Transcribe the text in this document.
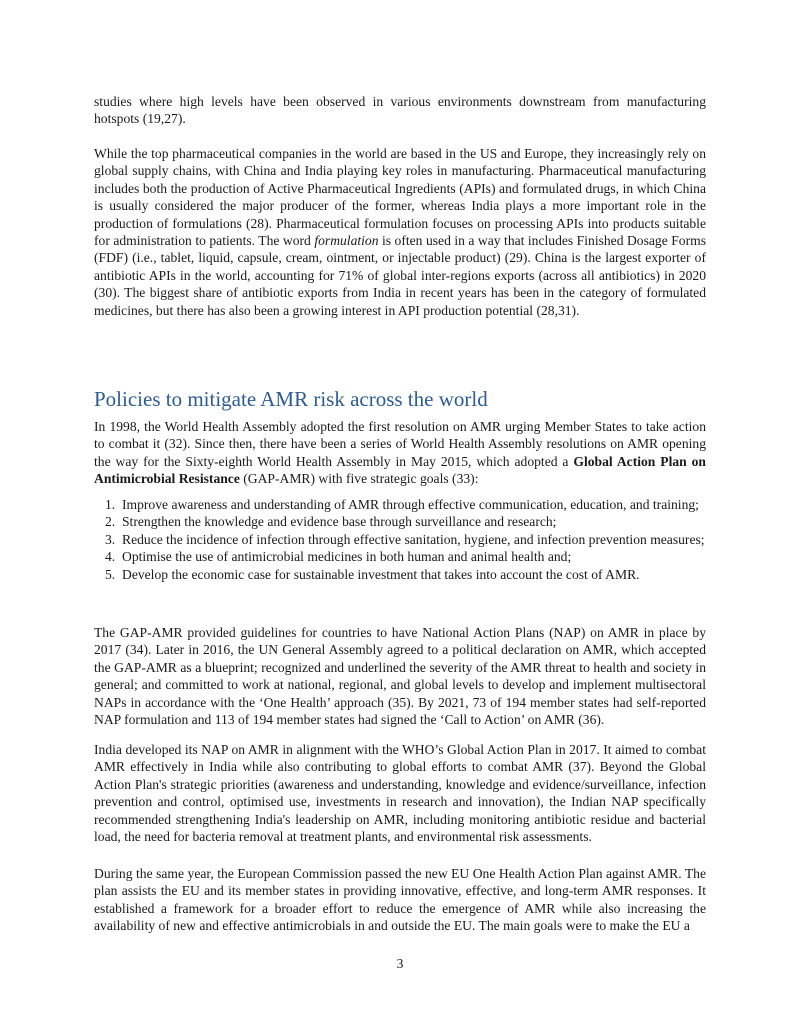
studies where high levels have been observed in various environments downstream from manufacturing hotspots (19,27).

While the top pharmaceutical companies in the world are based in the US and Europe, they increasingly rely on global supply chains, with China and India playing key roles in manufacturing. Pharmaceutical manufacturing includes both the production of Active Pharmaceutical Ingredients (APIs) and formulated drugs, in which China is usually considered the major producer of the former, whereas India plays a more important role in the production of formulations (28). Pharmaceutical formulation focuses on processing APIs into products suitable for administration to patients. The word formulation is often used in a way that includes Finished Dosage Forms (FDF) (i.e., tablet, liquid, capsule, cream, ointment, or injectable product) (29). China is the largest exporter of antibiotic APIs in the world, accounting for 71% of global inter-regions exports (across all antibiotics) in 2020 (30). The biggest share of antibiotic exports from India in recent years has been in the category of formulated medicines, but there has also been a growing interest in API production potential (28,31).

Policies to mitigate AMR risk across the world

In 1998, the World Health Assembly adopted the first resolution on AMR urging Member States to take action to combat it (32). Since then, there have been a series of World Health Assembly resolutions on AMR opening the way for the Sixty-eighth World Health Assembly in May 2015, which adopted a Global Action Plan on Antimicrobial Resistance (GAP-AMR) with five strategic goals (33):

1. Improve awareness and understanding of AMR through effective communication, education, and training;
2. Strengthen the knowledge and evidence base through surveillance and research;
3. Reduce the incidence of infection through effective sanitation, hygiene, and infection prevention measures;
4. Optimise the use of antimicrobial medicines in both human and animal health and;
5. Develop the economic case for sustainable investment that takes into account the cost of AMR.

The GAP-AMR provided guidelines for countries to have National Action Plans (NAP) on AMR in place by 2017 (34). Later in 2016, the UN General Assembly agreed to a political declaration on AMR, which accepted the GAP-AMR as a blueprint; recognized and underlined the severity of the AMR threat to health and society in general; and committed to work at national, regional, and global levels to develop and implement multisectoral NAPs in accordance with the ‘One Health’ approach (35). By 2021, 73 of 194 member states had self-reported NAP formulation and 113 of 194 member states had signed the ‘Call to Action’ on AMR (36).

India developed its NAP on AMR in alignment with the WHO’s Global Action Plan in 2017. It aimed to combat AMR effectively in India while also contributing to global efforts to combat AMR (37). Beyond the Global Action Plan's strategic priorities (awareness and understanding, knowledge and evidence/surveillance, infection prevention and control, optimised use, investments in research and innovation), the Indian NAP specifically recommended strengthening India's leadership on AMR, including monitoring antibiotic residue and bacterial load, the need for bacteria removal at treatment plants, and environmental risk assessments.

During the same year, the European Commission passed the new EU One Health Action Plan against AMR. The plan assists the EU and its member states in providing innovative, effective, and long-term AMR responses. It established a framework for a broader effort to reduce the emergence of AMR while also increasing the availability of new and effective antimicrobials in and outside the EU. The main goals were to make the EU a

3
